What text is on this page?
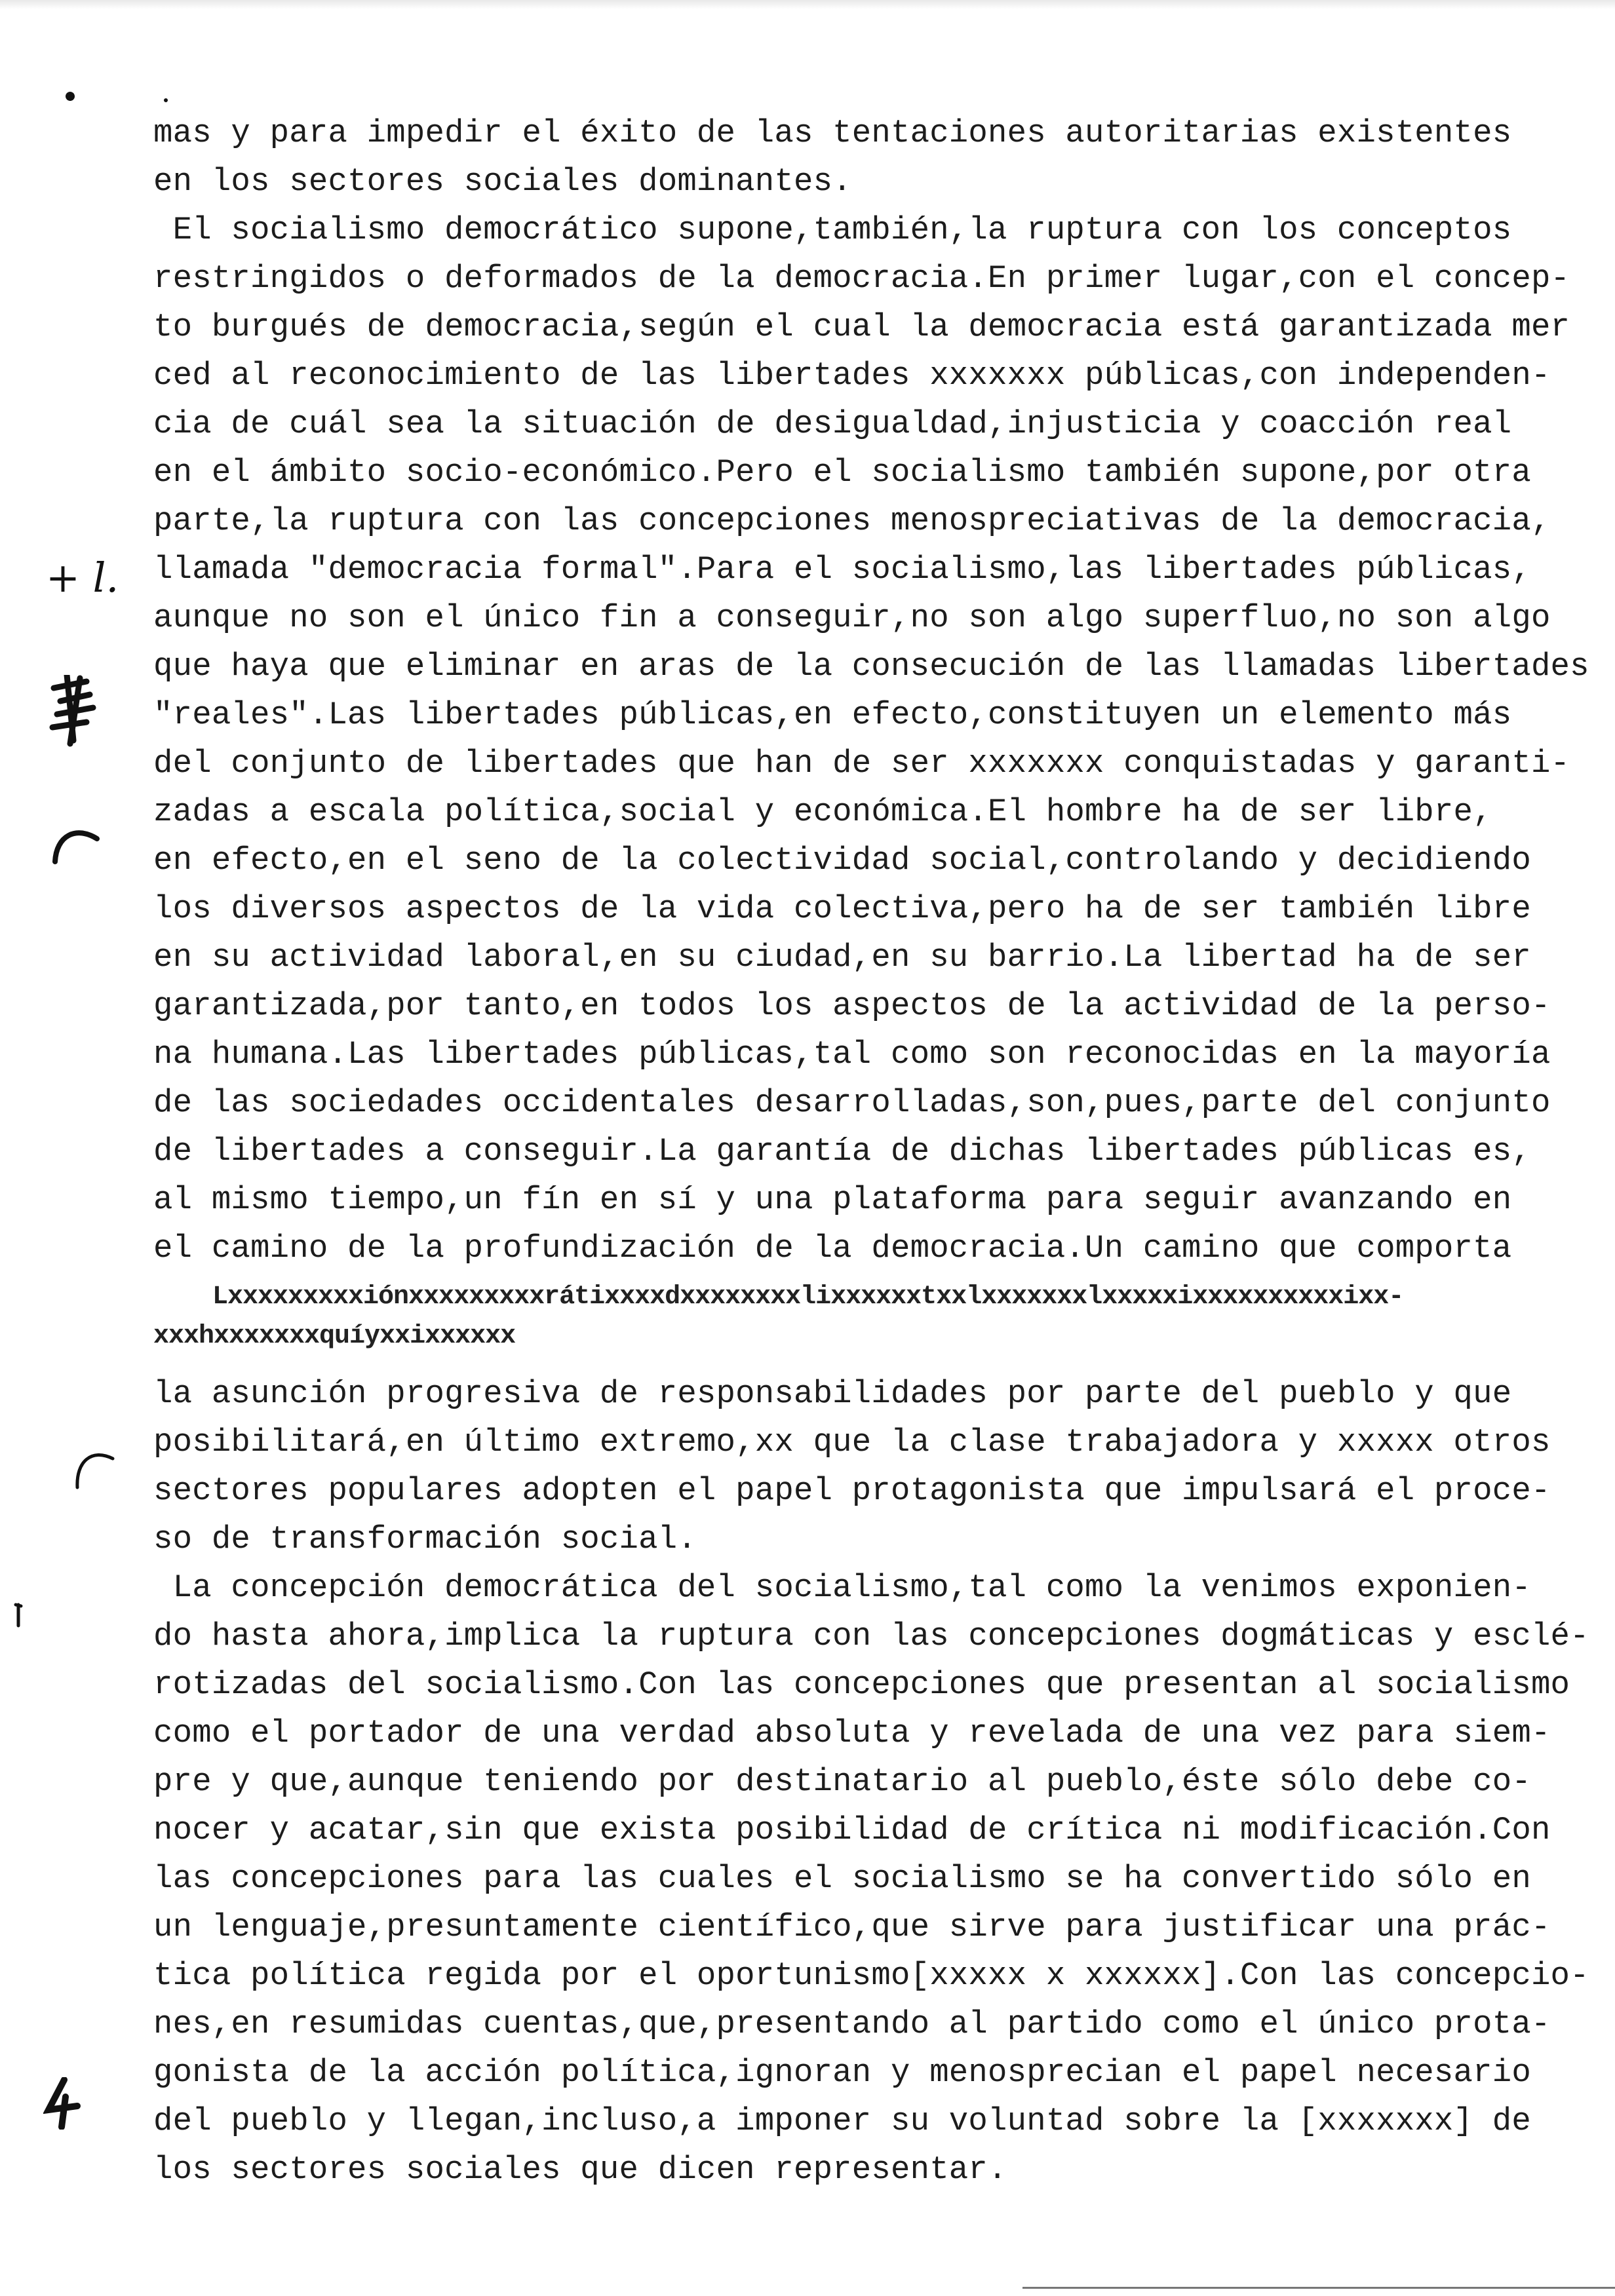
+ l.
mas y para impedir el éxito de las tentaciones autoritarias existentes
en los sectores sociales dominantes.
El socialismo democrático supone,también,la ruptura con los conceptos
restringidos o deformados de la democracia.En primer lugar,con el concep-
to burgués de democracia,según el cual la democracia está garantizada mer
ced al reconocimiento de las libertades xxxxxxx públicas,con independen-
cia de cuál sea la situación de desigualdad,injusticia y coacción real
en el ámbito socio-económico.Pero el socialismo también supone,por otra
parte,la ruptura con las concepciones menospreciativas de la democracia,
llamada "democracia formal".Para el socialismo,las libertades públicas,
aunque no son el único fin a conseguir,no son algo superfluo,no son algo
que haya que eliminar en aras de la consecución de las llamadas libertades
"reales".Las libertades públicas,en efecto,constituyen un elemento más
del conjunto de libertades que han de ser xxxxxxx conquistadas y garanti-
zadas a escala política,social y económica.El hombre ha de ser libre,
en efecto,en el seno de la colectividad social,controlando y decidiendo
los diversos aspectos de la vida colectiva,pero ha de ser también libre
en su actividad laboral,en su ciudad,en su barrio.La libertad ha de ser
garantizada,por tanto,en todos los aspectos de la actividad de la perso-
na humana.Las libertades públicas,tal como son reconocidas en la mayoría
de las sociedades occidentales desarrolladas,son,pues,parte del conjunto
de libertades a conseguir.La garantía de dichas libertades públicas es,
al mismo tiempo,un fín en sí y una plataforma para seguir avanzando en
el camino de la profundización de la democracia.Un camino que comporta
Lxxxxxxxxxiónxxxxxxxxxrátixxxxdxxxxxxxxlixxxxxxtxxlxxxxxxxlxxxxxixxxxxxxxxxixx-
xxxhxxxxxxxquíyxxixxxxxx
la asunción progresiva de responsabilidades por parte del pueblo y que
posibilitará,en último extremo,xx que la clase trabajadora y xxxxx otros
sectores populares adopten el papel protagonista que impulsará el proce-
so de transformación social.
La concepción democrática del socialismo,tal como la venimos exponien-
do hasta ahora,implica la ruptura con las concepciones dogmáticas y esclé-
rotizadas del socialismo.Con las concepciones que presentan al socialismo
como el portador de una verdad absoluta y revelada de una vez para siem-
pre y que,aunque teniendo por destinatario al pueblo,éste sólo debe co-
nocer y acatar,sin que exista posibilidad de crítica ni modificación.Con
las concepciones para las cuales el socialismo se ha convertido sólo en
un lenguaje,presuntamente científico,que sirve para justificar una prác-
tica política regida por el oportunismo[xxxxx x xxxxxx].Con las concepcio-
nes,en resumidas cuentas,que,presentando al partido como el único prota-
gonista de la acción política,ignoran y menosprecian el papel necesario
del pueblo y llegan,incluso,a imponer su voluntad sobre la [xxxxxxx] de
los sectores sociales que dicen representar.
